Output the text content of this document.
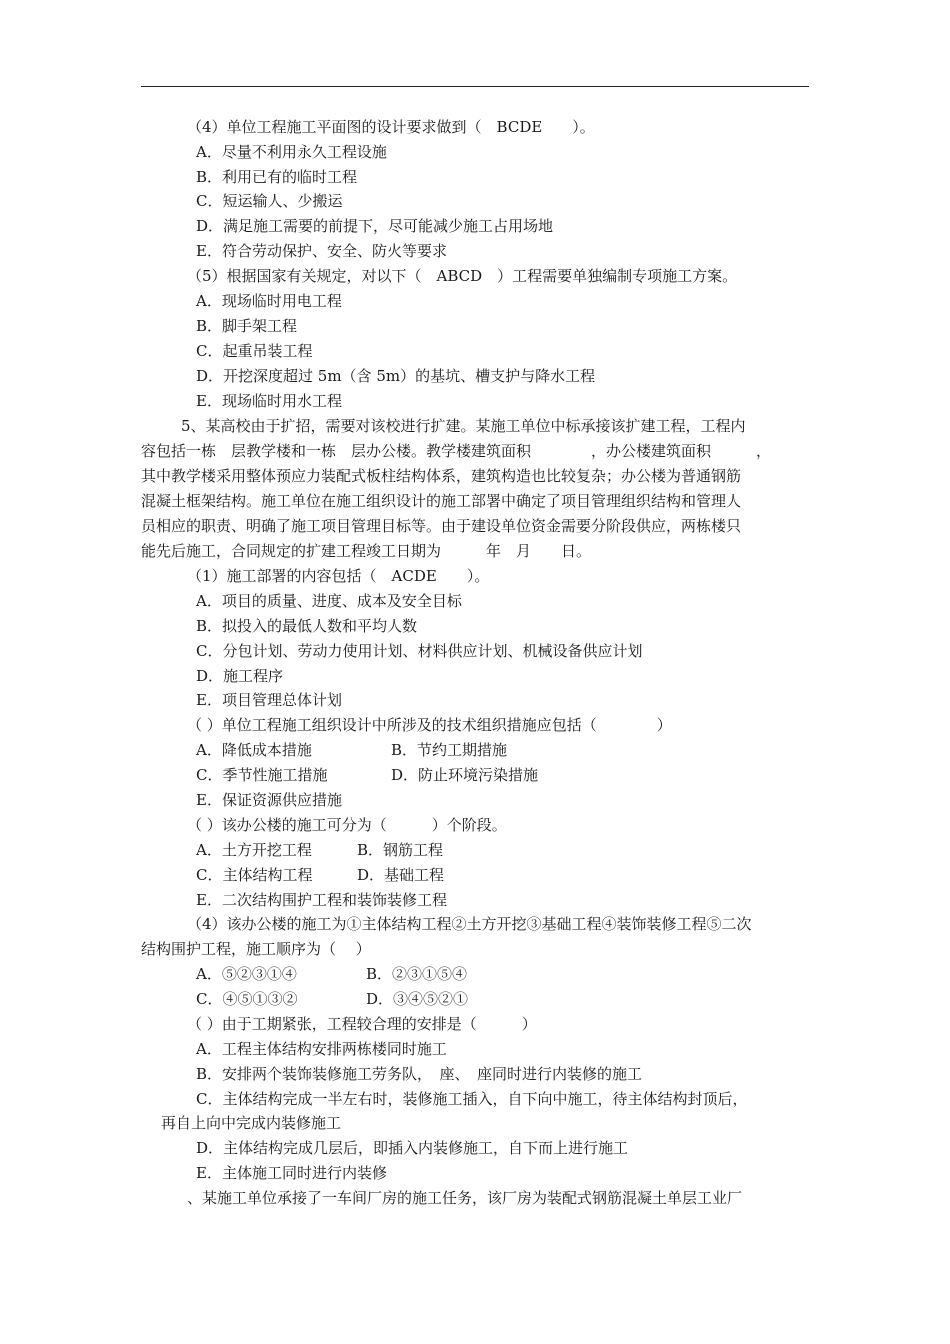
（4）单位工程施工平面图的设计要求做到（　BCDE　　）。
A．尽量不利用永久工程设施
B．利用已有的临时工程
C．短运输人、少搬运
D．满足施工需要的前提下，尽可能减少施工占用场地
E．符合劳动保护、安全、防火等要求
（5）根据国家有关规定，对以下（　ABCD　）工程需要单独编制专项施工方案。
A．现场临时用电工程
B．脚手架工程
C．起重吊装工程
D．开挖深度超过 5m（含 5m）的基坑、槽支护与降水工程
E．现场临时用水工程
5、某高校由于扩招，需要对该校进行扩建。某施工单位中标承接该扩建工程，工程内
容包括一栋　层教学楼和一栋　层办公楼。教学楼建筑面积　　　　，办公楼建筑面积　　　，
其中教学楼采用整体预应力装配式板柱结构体系，建筑构造也比较复杂；办公楼为普通钢筋
混凝土框架结构。施工单位在施工组织设计的施工部署中确定了项目管理组织结构和管理人
员相应的职责、明确了施工项目管理目标等。由于建设单位资金需要分阶段供应，两栋楼只
能先后施工，合同规定的扩建工程竣工日期为　　　年　月　　日。
（1）施工部署的内容包括（　ACDE　　）。
A．项目的质量、进度、成本及安全目标
B．拟投入的最低人数和平均人数
C．分包计划、劳动力使用计划、材料供应计划、机械设备供应计划
D．施工程序
E．项目管理总体计划
（ ）单位工程施工组织设计中所涉及的技术组织措施应包括（　　　　）
A．降低成本措施	B．节约工期措施
C．季节性施工措施	D．防止环境污染措施
E．保证资源供应措施
（ ）该办公楼的施工可分为（　　　）个阶段。
A．土方开挖工程	B．钢筋工程
C．主体结构工程	D．基础工程
E．二次结构围护工程和装饰装修工程
（4）该办公楼的施工为①主体结构工程②土方开挖③基础工程④装饰装修工程⑤二次
结构围护工程，施工顺序为（　 ）
A．⑤②③①④	B．②③①⑤④
C．④⑤①③②	D．③④⑤②①
（ ）由于工期紧张，工程较合理的安排是（　　　）
A．工程主体结构安排两栋楼同时施工
B．安排两个装饰装修施工劳务队，　座、　座同时进行内装修的施工
C．主体结构完成一半左右时，装修施工插入，自下向中施工，待主体结构封顶后，
再自上向中完成内装修施工
D．主体结构完成几层后，即插入内装修施工，自下而上进行施工
E．主体施工同时进行内装修
、某施工单位承接了一车间厂房的施工任务，该厂房为装配式钢筋混凝土单层工业厂
